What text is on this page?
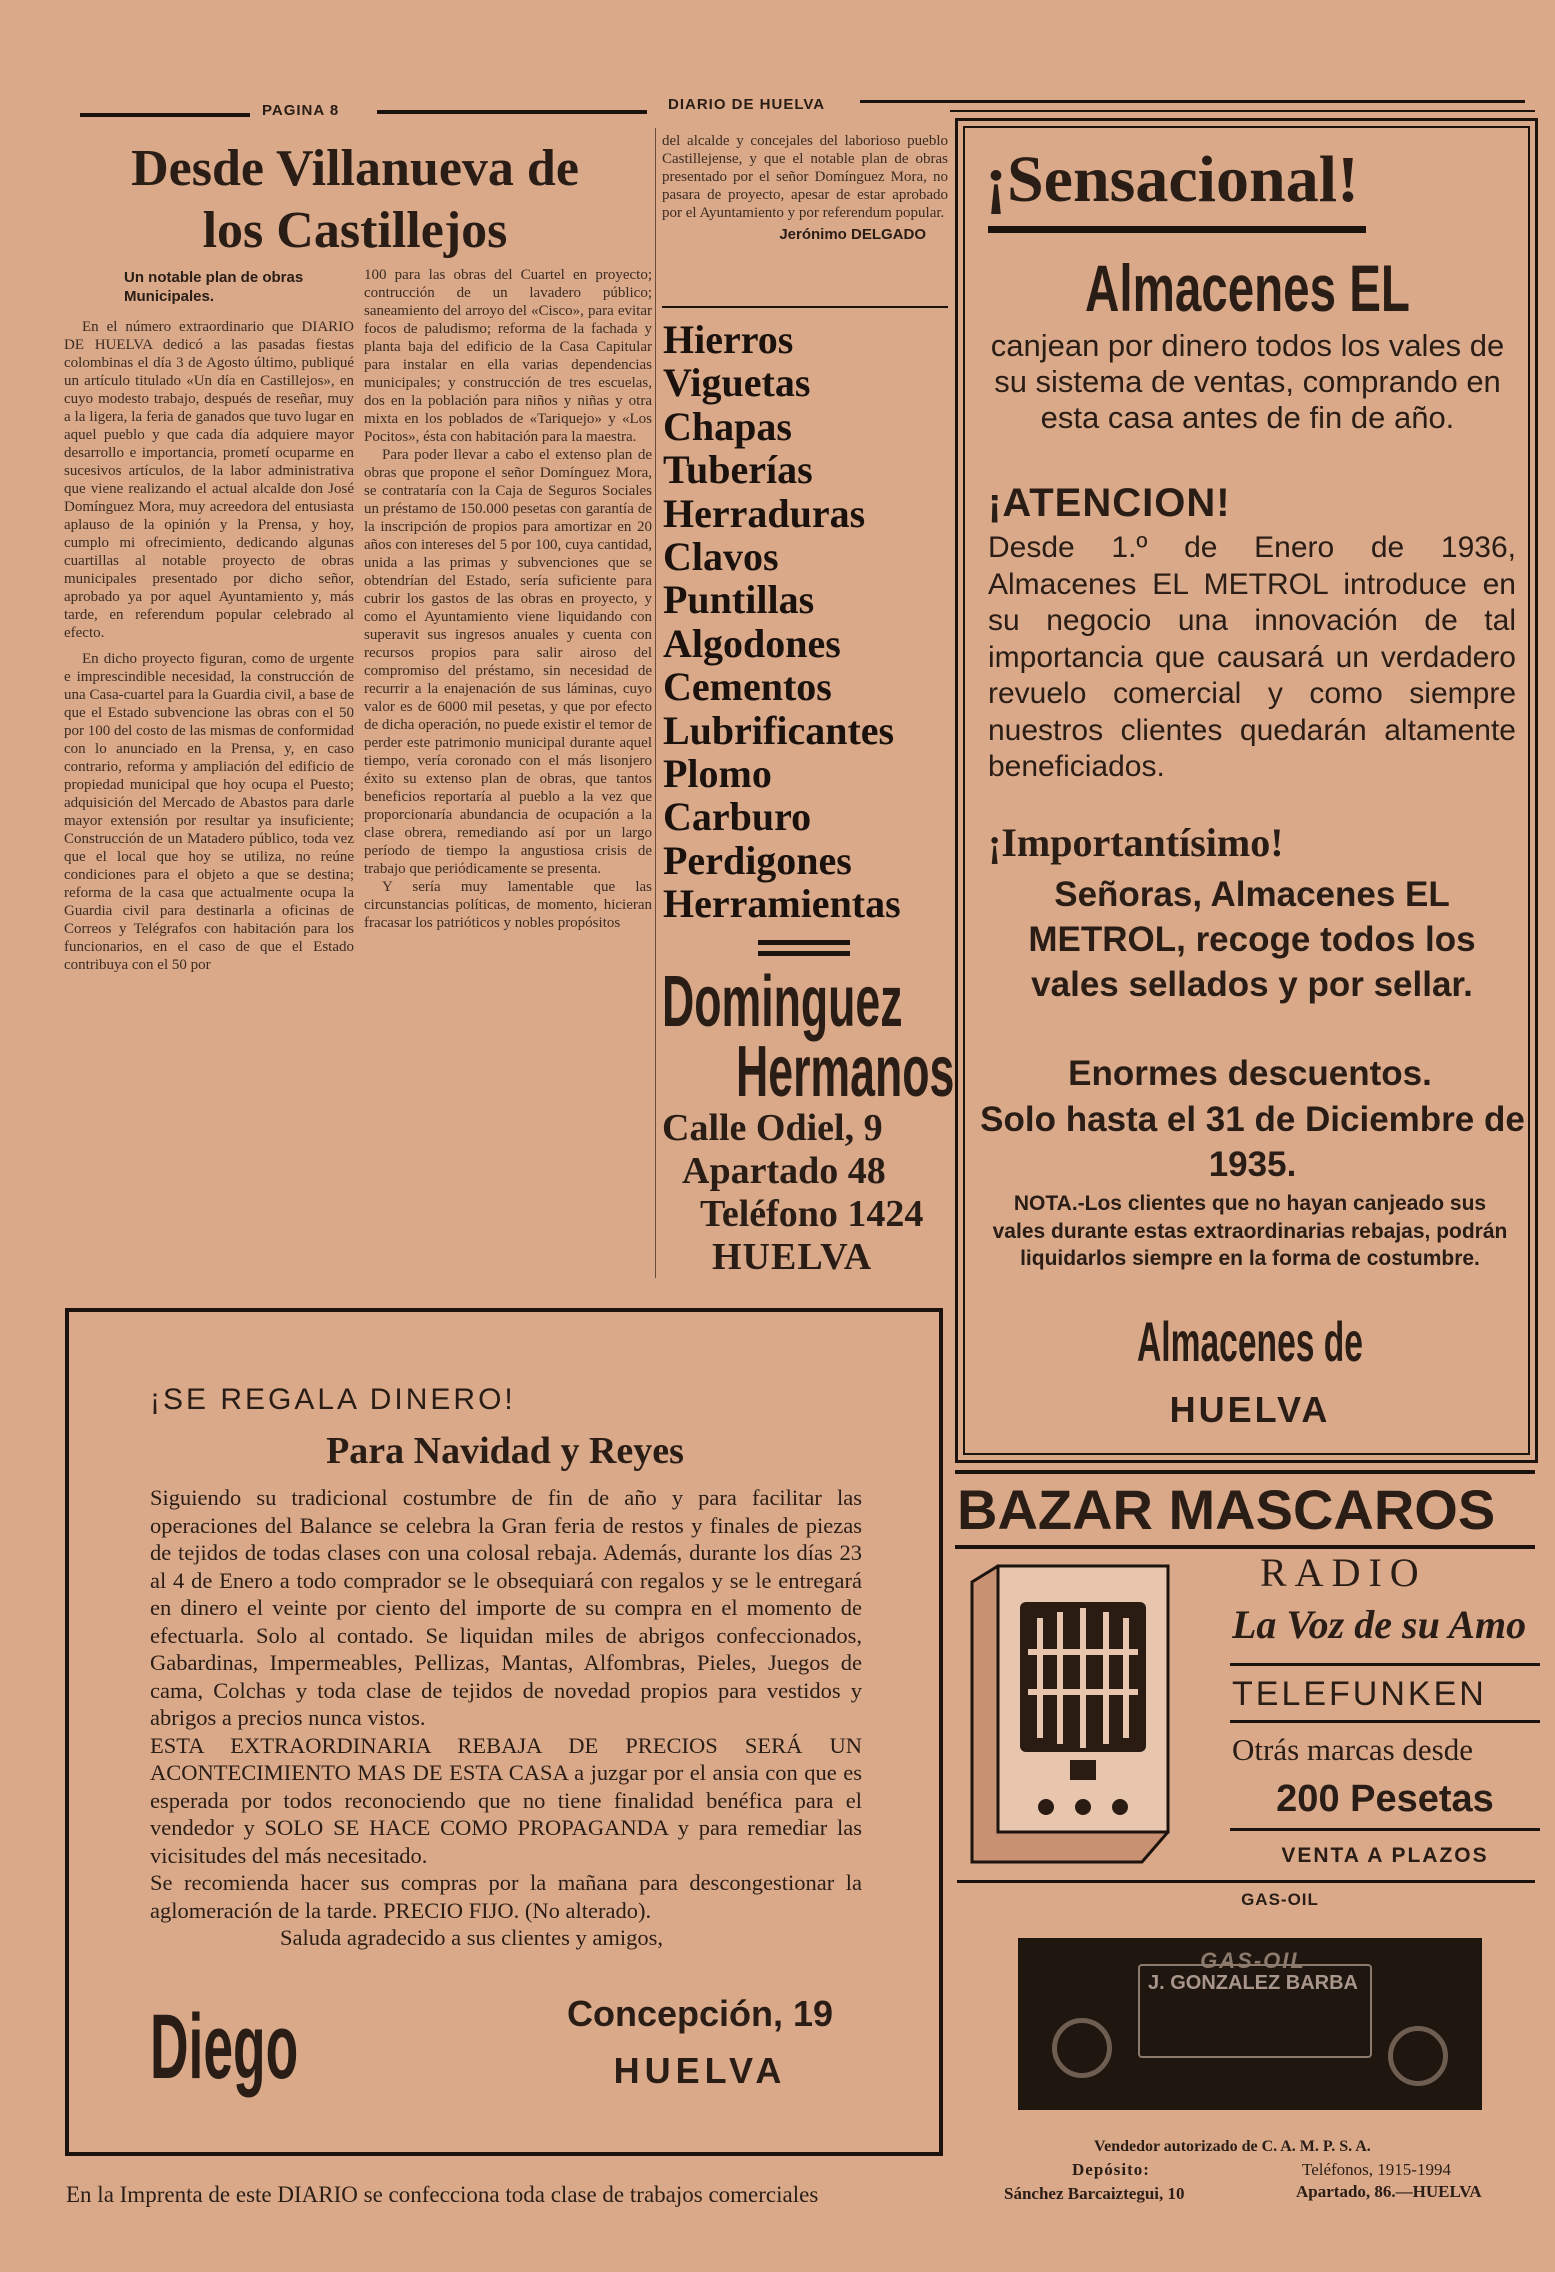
PAGINA 8	DIARIO DE HUELVA
Desde Villanueva de
los Castillejos
Un notable plan de obras Municipales.

En el número extraordinario que DIARIO DE HUELVA dedicó a las pasadas fiestas colombinas el día 3 de Agosto último, publiqué un artículo titulado «Un día en Castillejos», en cuyo modesto trabajo, después de reseñar, muy a la ligera, la feria de ganados que tuvo lugar en aquel pueblo y que cada día adquiere mayor desarrollo e importancia, prometí ocuparme en sucesivos artículos, de la labor administrativa que viene realizando el actual alcalde don José Domínguez Mora, muy acreedora del entusiasta aplauso de la opinión y la Prensa, y hoy, cumplo mi ofrecimiento, dedicando algunas cuartillas al notable proyecto de obras municipales presentado por dicho señor, aprobado ya por aquel Ayuntamiento y, más tarde, en referendum popular celebrado al efecto.

En dicho proyecto figuran, como de urgente e imprescindible necesidad, la construcción de una Casa-cuartel para la Guardia civil, a base de que el Estado subvencione las obras con el 50 por 100 del costo de las mismas de conformidad con lo anunciado en la Prensa, y, en caso contrario, reforma y ampliación del edificio de propiedad municipal que hoy ocupa el Puesto; adquisición del Mercado de Abastos para darle mayor extensión por resultar ya insuficiente; Construcción de un Matadero público, toda vez que el local que hoy se utiliza, no reúne condiciones para el objeto a que se destina; reforma de la casa que actualmente ocupa la Guardia civil para destinarla a oficinas de Correos y Telégrafos con habitación para los funcionarios, en el caso de que el Estado contribuya con el 50 por

100 para las obras del Cuartel en proyecto; contrucción de un lavadero público; saneamiento del arroyo del «Cisco», para evitar focos de paludismo; reforma de la fachada y planta baja del edificio de la Casa Capitular para instalar en ella varias dependencias municipales; y construcción de tres escuelas, dos en la población para niños y niñas y otra mixta en los poblados de «Tariquejo» y «Los Pocitos», ésta con habitación para la maestra.

Para poder llevar a cabo el extenso plan de obras que propone el señor Domínguez Mora, se contrataría con la Caja de Seguros Sociales un préstamo de 150.000 pesetas con garantía de la inscripción de propios para amortizar en 20 años con intereses del 5 por 100, cuya cantidad, unida a las primas y subvenciones que se obtendrían del Estado, sería suficiente para cubrir los gastos de las obras en proyecto, y como el Ayuntamiento viene liquidando con superavit sus ingresos anuales y cuenta con recursos propios para salir airoso del compromiso del préstamo, sin necesidad de recurrir a la enajenación de sus láminas, cuyo valor es de 6000 mil pesetas, y que por efecto de dicha operación, no puede existir el temor de perder este patrimonio municipal durante aquel tiempo, vería coronado con el más lisonjero éxito su extenso plan de obras, que tantos beneficios reportaría al pueblo a la vez que proporcionaría abundancia de ocupación a la clase obrera, remediando así por un largo período de tiempo la angustiosa crisis de trabajo que periódicamente se presenta.

Y sería muy lamentable que las circunstancias políticas, de momento, hicieran fracasar los patrióticos y nobles propósitos

del alcalde y concejales del laborioso pueblo Castillejense, y que el notable plan de obras presentado por el señor Domínguez Mora, no pasara de proyecto, apesar de estar aprobado por el Ayuntamiento y por referendum popular.

Jerónimo DELGADO
Hierros
Viguetas
Chapas
Tuberías
Herraduras
Clavos
Puntillas
Algodones
Cementos
Lubrificantes
Plomo
Carburo
Perdigones
Herramientas
Dominguez
Hermanos
Calle Odiel, 9
Apartado 48
Teléfono 1424
HUELVA
¡Sensacional!
Almacenes EL

canjean por dinero todos los vales de su sistema de ventas, comprando en esta casa antes de fin de año.

¡ATENCION!

Desde 1.º de Enero de 1936, Almacenes EL METROL introduce en su negocio una innovación de tal importancia que causará un verdadero revuelo comercial y como siempre nuestros clientes quedarán altamente beneficiados.

¡Importantísimo!

Señoras, Almacenes EL METROL, recoge todos los vales sellados y por sellar.

Enormes descuentos.

Solo hasta el 31 de Diciembre de 1935.

NOTA.-Los clientes que no hayan canjeado sus vales durante estas extraordinarias rebajas, podrán liquidarlos siempre en la forma de costumbre.

Almacenes de
HUELVA
¡SE REGALA DINERO!
Para Navidad y Reyes

Siguiendo su tradicional costumbre de fin de año y para facilitar las operaciones del Balance se celebra la Gran feria de restos y finales de piezas de tejidos de todas clases con una colosal rebaja. Además, durante los días 23 al 4 de Enero a todo comprador se le obsequiará con regalos y se le entregará en dinero el veinte por ciento del importe de su compra en el momento de efectuarla. Solo al contado. Se liquidan miles de abrigos confeccionados, Gabardinas, Impermeables, Pellizas, Mantas, Alfombras, Pieles, Juegos de cama, Colchas y toda clase de tejidos de novedad propios para vestidos y abrigos a precios nunca vistos.

ESTA EXTRAORDINARIA REBAJA DE PRECIOS SERÁ UN ACONTECIMIENTO MAS DE ESTA CASA a juzgar por el ansia con que es esperada por todos reconociendo que no tiene finalidad benéfica para el vendedor y SOLO SE HACE COMO PROPAGANDA y para remediar las vicisitudes del más necesitado.

Se recomienda hacer sus compras por la mañana para descongestionar la aglomeración de la tarde. PRECIO FIJO. (No alterado).

Saluda agradecido a sus clientes y amigos,

Diego	Concepción, 19
HUELVA
En la Imprenta de este DIARIO se confecciona toda clase de trabajos comerciales
BAZAR MASCAROS
RADIO
La Voz de su Amo
TELEFUNKEN
Otrás marcas desde
200 Pesetas
VENTA A PLAZOS
GAS-OIL
GAS-OIL
J. GONZALEZ BARBA
Vendedor autorizado de C. A. M. P. S. A.
Depósito:
Sánchez Barcaiztegui, 10
Teléfonos, 1915-1994
Apartado, 86.—HUELVA
